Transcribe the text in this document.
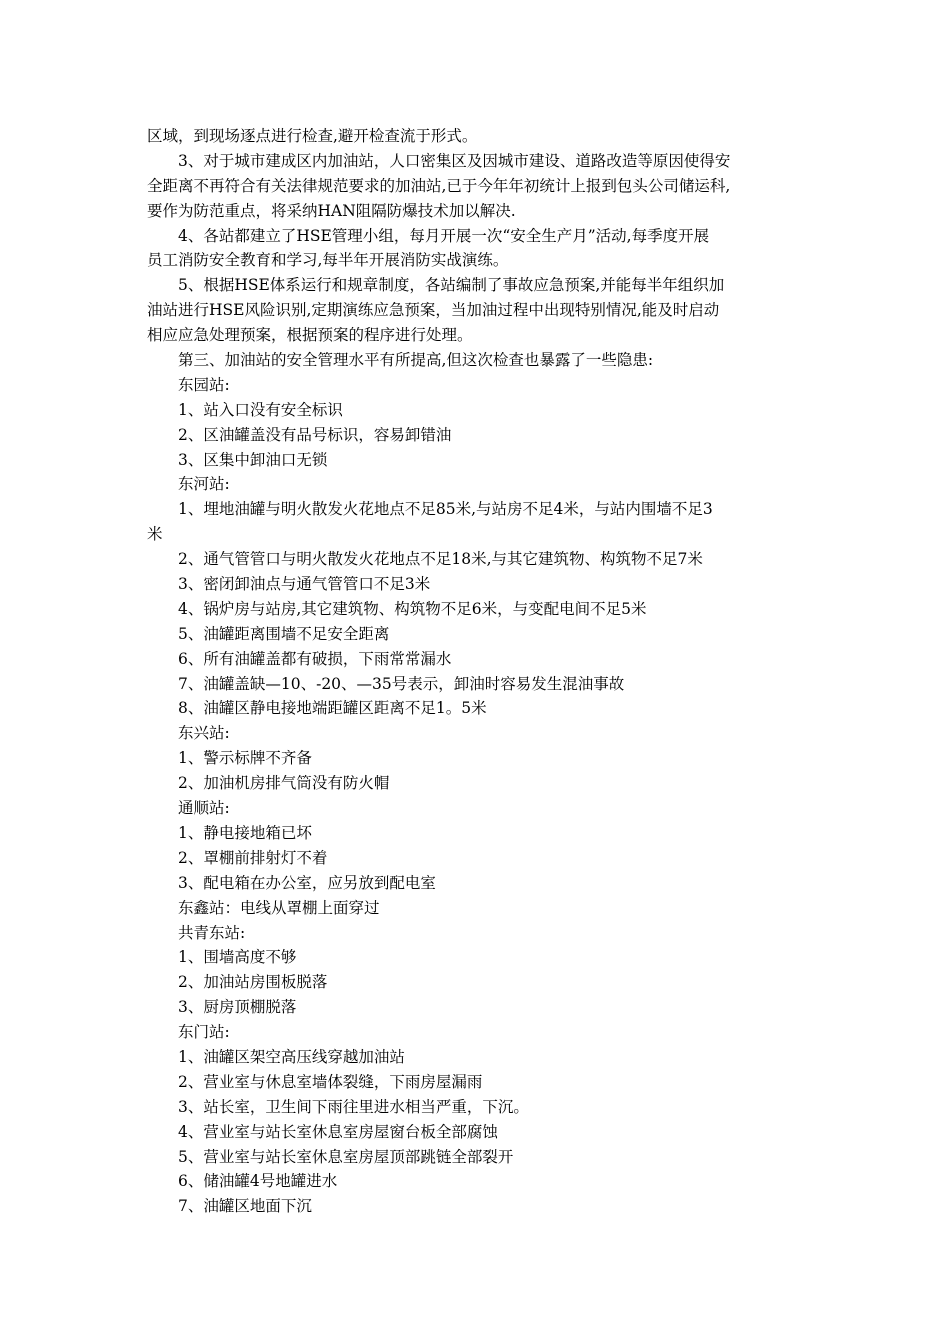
区域，到现场逐点进行检查,避开检查流于形式。

3、对于城市建成区内加油站，人口密集区及因城市建设、道路改造等原因使得安

全距离不再符合有关法律规范要求的加油站,已于今年年初统计上报到包头公司储运科,

要作为防范重点，将采纳HAN阻隔防爆技术加以解决.

4、各站都建立了HSE管理小组，每月开展一次“安全生产月”活动,每季度开展

员工消防安全教育和学习,每半年开展消防实战演练。

5、根据HSE体系运行和规章制度，各站编制了事故应急预案,并能每半年组织加

油站进行HSE风险识别,定期演练应急预案，当加油过程中出现特别情况,能及时启动

相应应急处理预案，根据预案的程序进行处理。

第三、加油站的安全管理水平有所提高,但这次检查也暴露了一些隐患:

东园站:

1、站入口没有安全标识

2、区油罐盖没有品号标识，容易卸错油

3、区集中卸油口无锁

东河站:

1、埋地油罐与明火散发火花地点不足85米,与站房不足4米，与站内围墙不足3

米

2、通气管管口与明火散发火花地点不足18米,与其它建筑物、构筑物不足7米

3、密闭卸油点与通气管管口不足3米

4、锅炉房与站房,其它建筑物、构筑物不足6米，与变配电间不足5米

5、油罐距离围墙不足安全距离

6、所有油罐盖都有破损，下雨常常漏水

7、油罐盖缺—10、-20、—35号表示，卸油时容易发生混油事故

8、油罐区静电接地端距罐区距离不足1。5米

东兴站:

1、警示标牌不齐备

2、加油机房排气筒没有防火帽

通顺站:

1、静电接地箱已坏

2、罩棚前排射灯不着

3、配电箱在办公室，应另放到配电室

东鑫站：电线从罩棚上面穿过

共青东站:

1、围墙高度不够

2、加油站房围板脱落

3、厨房顶棚脱落

东门站:

1、油罐区架空高压线穿越加油站

2、营业室与休息室墙体裂缝，下雨房屋漏雨

3、站长室，卫生间下雨往里进水相当严重，下沉。

4、营业室与站长室休息室房屋窗台板全部腐蚀

5、营业室与站长室休息室房屋顶部跳链全部裂开

6、储油罐4号地罐进水

7、油罐区地面下沉
